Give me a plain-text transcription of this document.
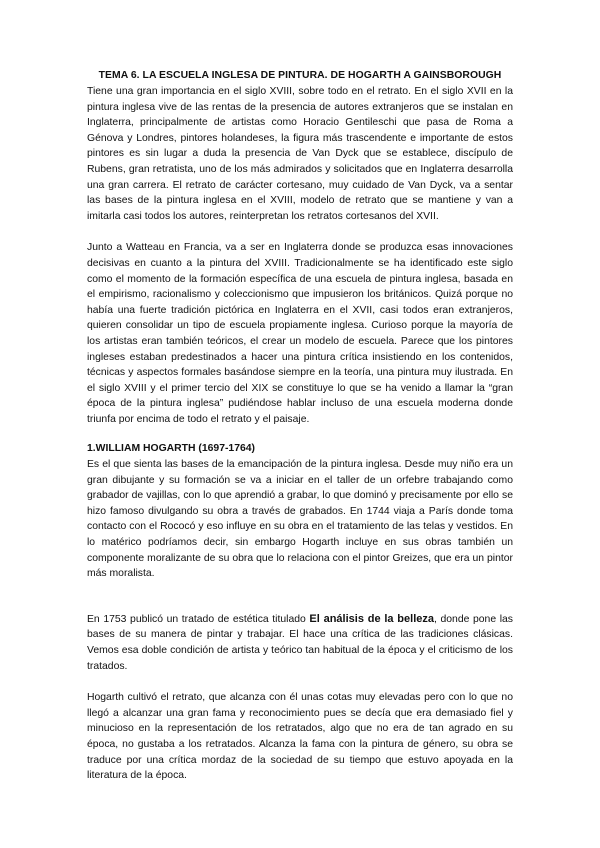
TEMA 6. LA ESCUELA INGLESA DE PINTURA. DE HOGARTH A GAINSBOROUGH

Tiene una gran importancia en el siglo XVIII, sobre todo en el retrato. En el siglo XVII en la pintura inglesa vive de las rentas de la presencia de autores extranjeros que se instalan en Inglaterra, principalmente de artistas como Horacio Gentileschi que pasa de Roma a Génova y Londres, pintores holandeses, la figura más trascendente e importante de estos pintores es sin lugar a duda la presencia de Van Dyck que se establece, discípulo de Rubens, gran retratista, uno de los más admirados y solicitados que en Inglaterra desarrolla una gran carrera. El retrato de carácter cortesano, muy cuidado de Van Dyck, va a sentar las bases de la pintura inglesa en el XVIII, modelo de retrato que se mantiene y van a imitarla casi todos los autores, reinterpretan los retratos cortesanos del XVII.

Junto a Watteau en Francia, va a ser en Inglaterra donde se produzca esas innovaciones decisivas en cuanto a la pintura del XVIII. Tradicionalmente se ha identificado este siglo como el momento de la formación específica de una escuela de pintura inglesa, basada en el empirismo, racionalismo y coleccionismo que impusieron los británicos. Quizá porque no había una fuerte tradición pictórica en Inglaterra en el XVII, casi todos eran extranjeros, quieren consolidar un tipo de escuela propiamente inglesa. Curioso porque la mayoría de los artistas eran también teóricos, el crear un modelo de escuela. Parece que los pintores ingleses estaban predestinados a hacer una pintura crítica insistiendo en los contenidos, técnicas y aspectos formales basándose siempre en la teoría, una pintura muy ilustrada. En el siglo XVIII y el primer tercio del XIX se constituye lo que se ha venido a llamar la “gran época de la pintura inglesa” pudiéndose hablar incluso de una escuela moderna donde triunfa por encima de todo el retrato y el paisaje.

1.WILLIAM HOGARTH (1697-1764)

Es el que sienta las bases de la emancipación de la pintura inglesa. Desde muy niño era un gran dibujante y su formación se va a iniciar en el taller de un orfebre trabajando como grabador de vajillas, con lo que aprendió a grabar, lo que dominó y precisamente por ello se hizo famoso divulgando su obra a través de grabados. En 1744 viaja a París donde toma contacto con el Rococó y eso influye en su obra en el tratamiento de las telas y vestidos. En lo matérico podríamos decir, sin embargo Hogarth incluye en sus obras también un componente moralizante de su obra que lo relaciona con el pintor Greizes, que era un pintor más moralista.

En 1753 publicó un tratado de estética titulado El análisis de la belleza, donde pone las bases de su manera de pintar y trabajar. El hace una crítica de las tradiciones clásicas. Vemos esa doble condición de artista y teórico tan habitual de la época y el criticismo de los tratados.

Hogarth cultivó el retrato, que alcanza con él unas cotas muy elevadas pero con lo que no llegó a alcanzar una gran fama y reconocimiento pues se decía que era demasiado fiel y minucioso en la representación de los retratados, algo que no era de tan agrado en su época, no gustaba a los retratados. Alcanza la fama con la pintura de género, su obra se traduce por una crítica mordaz de la sociedad de su tiempo que estuvo apoyada en la literatura de la época.
